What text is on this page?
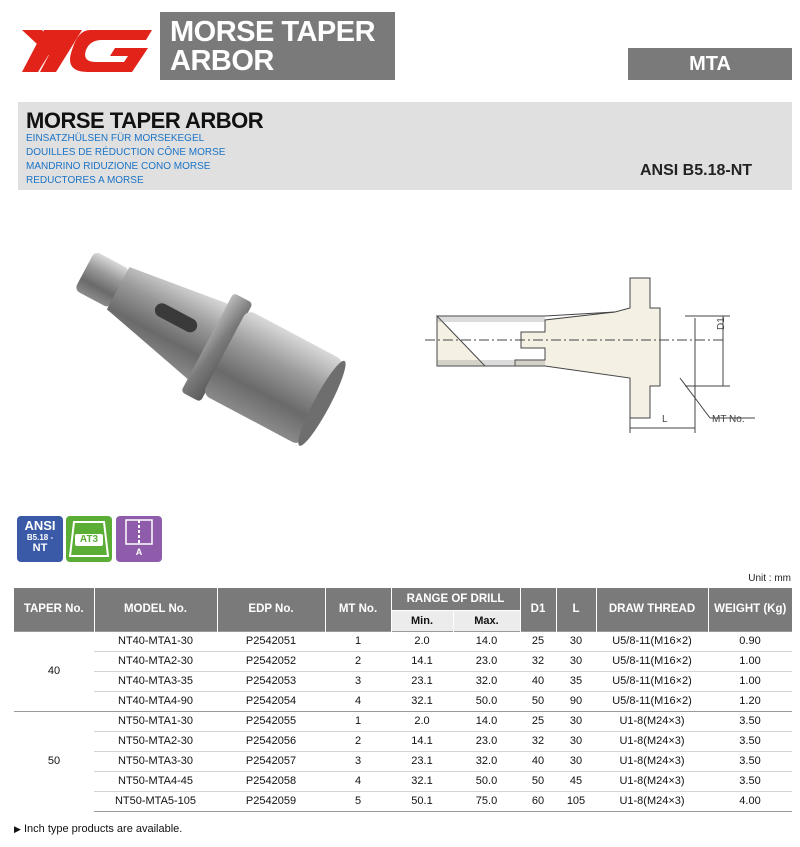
MORSE TAPER
ARBOR	MTA
MORSE TAPER ARBOR
EINSATZHÜLSEN FÜR MORSEKEGEL
DOUILLES DE RÉDUCTION CÔNE MORSE
MANDRINO RIDUZIONE CONO MORSE
REDUCTORES A MORSE
ANSI B5.18-NT
D1
L	MT No.
ANSI
B5.18 -
NT
AT3
A
Unit : mm
TAPER No.	MODEL No.	EDP No.	MT No.	RANGE OF DRILL		D1	L	DRAW THREAD	WEIGHT (Kg)
				Min.	Max.				
40	NT40-MTA1-30	P2542051	1	2.0	14.0	25	30	U5/8-11(M16×2)	0.90
	NT40-MTA2-30	P2542052	2	14.1	23.0	32	30	U5/8-11(M16×2)	1.00
	NT40-MTA3-35	P2542053	3	23.1	32.0	40	35	U5/8-11(M16×2)	1.00
	NT40-MTA4-90	P2542054	4	32.1	50.0	50	90	U5/8-11(M16×2)	1.20
50	NT50-MTA1-30	P2542055	1	2.0	14.0	25	30	U1-8(M24×3)	3.50
	NT50-MTA2-30	P2542056	2	14.1	23.0	32	30	U1-8(M24×3)	3.50
	NT50-MTA3-30	P2542057	3	23.1	32.0	40	30	U1-8(M24×3)	3.50
	NT50-MTA4-45	P2542058	4	32.1	50.0	50	45	U1-8(M24×3)	3.50
	NT50-MTA5-105	P2542059	5	50.1	75.0	60	105	U1-8(M24×3)	4.00
▶ Inch type products are available.
